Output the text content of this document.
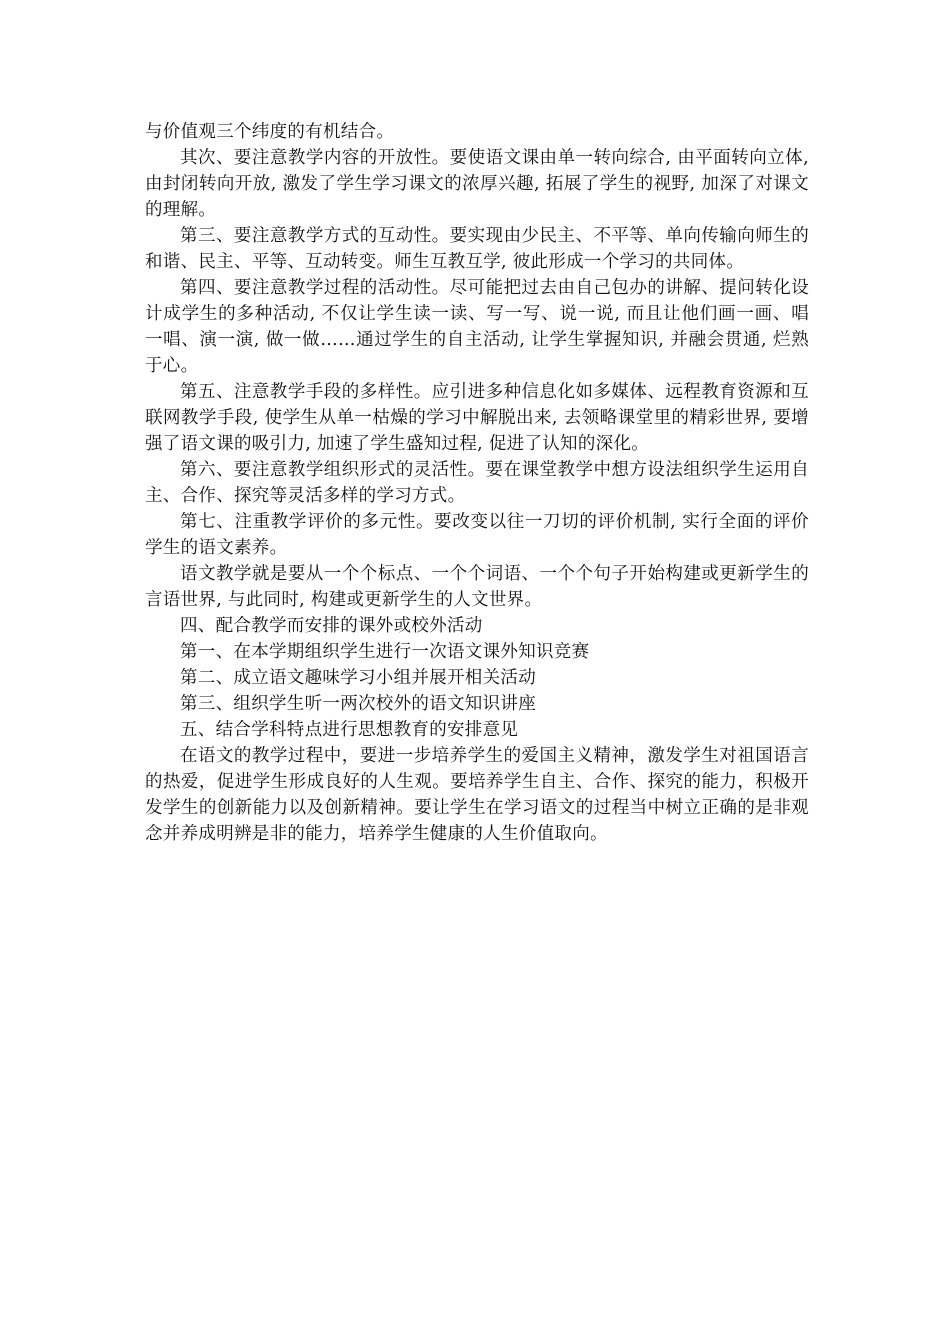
与价值观三个纬度的有机结合。

其次、要注意教学内容的开放性。要使语文课由单一转向综合, 由平面转向立体, 由封闭转向开放, 激发了学生学习课文的浓厚兴趣, 拓展了学生的视野, 加深了对课文的理解。

第三、要注意教学方式的互动性。要实现由少民主、不平等、单向传输向师生的和谐、民主、平等、互动转变。师生互教互学, 彼此形成一个学习的共同体。

第四、要注意教学过程的活动性。尽可能把过去由自己包办的讲解、提问转化设计成学生的多种活动, 不仅让学生读一读、写一写、说一说, 而且让他们画一画、唱一唱、演一演, 做一做……通过学生的自主活动, 让学生掌握知识, 并融会贯通, 烂熟于心。

第五、注意教学手段的多样性。应引进多种信息化如多媒体、远程教育资源和互联网教学手段, 使学生从单一枯燥的学习中解脱出来, 去领略课堂里的精彩世界, 要增强了语文课的吸引力, 加速了学生盛知过程, 促进了认知的深化。

第六、要注意教学组织形式的灵活性。要在课堂教学中想方设法组织学生运用自主、合作、探究等灵活多样的学习方式。

第七、注重教学评价的多元性。要改变以往一刀切的评价机制, 实行全面的评价学生的语文素养。

语文教学就是要从一个个标点、一个个词语、一个个句子开始构建或更新学生的言语世界, 与此同时, 构建或更新学生的人文世界。

四、配合教学而安排的课外或校外活动

第一、在本学期组织学生进行一次语文课外知识竞赛

第二、成立语文趣味学习小组并展开相关活动

第三、组织学生听一两次校外的语文知识讲座

五、结合学科特点进行思想教育的安排意见

在语文的教学过程中，要进一步培养学生的爱国主义精神，激发学生对祖国语言的热爱，促进学生形成良好的人生观。要培养学生自主、合作、探究的能力，积极开发学生的创新能力以及创新精神。要让学生在学习语文的过程当中树立正确的是非观念并养成明辨是非的能力，培养学生健康的人生价值取向。
